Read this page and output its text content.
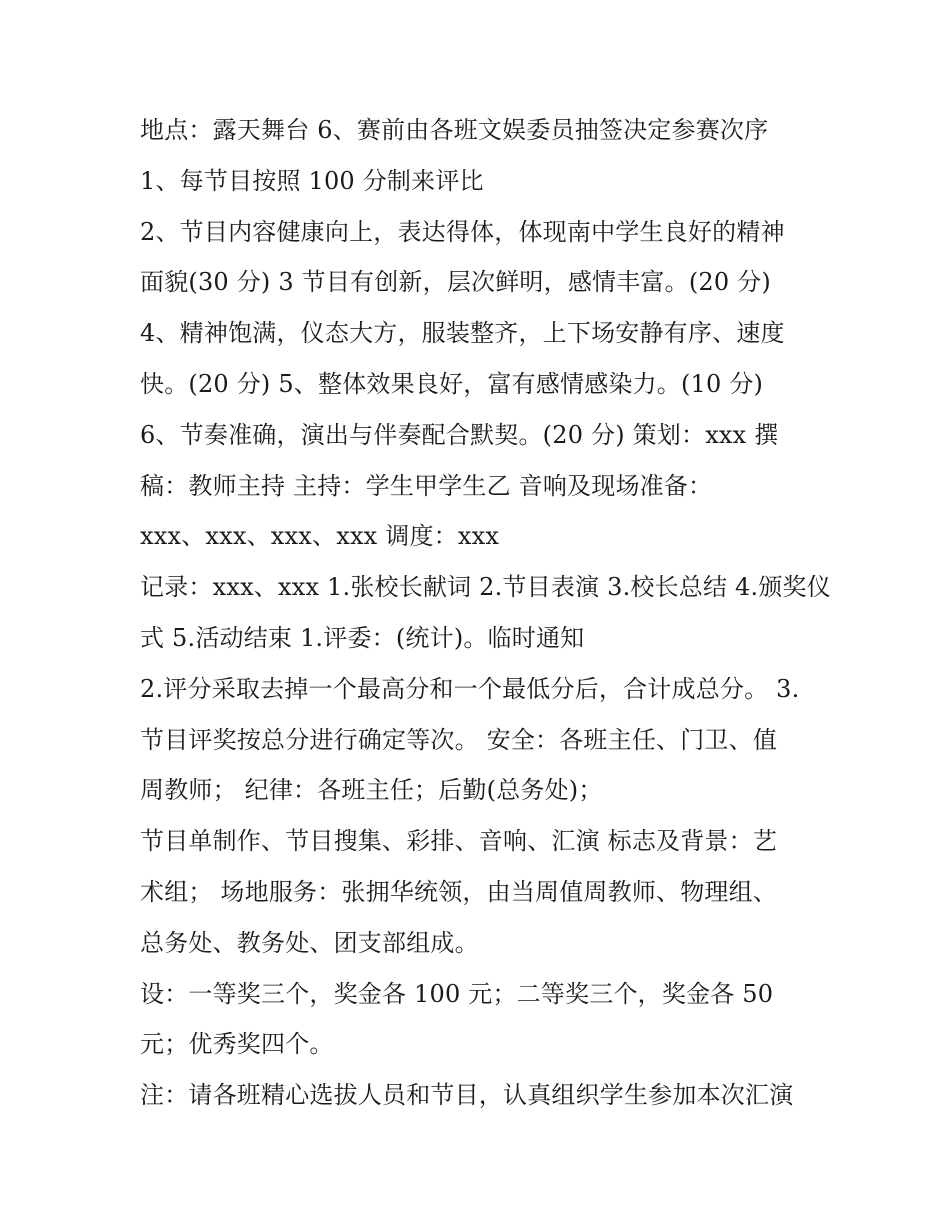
地点：露天舞台 6、赛前由各班文娱委员抽签决定参赛次序
1、每节目按照 100 分制来评比
2、节目内容健康向上，表达得体，体现南中学生良好的精神
面貌(30 分) 3 节目有创新，层次鲜明，感情丰富。(20 分)
4、精神饱满，仪态大方，服装整齐，上下场安静有序、速度
快。(20 分) 5、整体效果良好，富有感情感染力。(10 分)
6、节奏准确，演出与伴奏配合默契。(20 分) 策划：xxx 撰
稿：教师主持 主持：学生甲学生乙 音响及现场准备：
xxx、xxx、xxx、xxx 调度：xxx
记录：xxx、xxx 1.张校长献词 2.节目表演 3.校长总结 4.颁奖仪
式 5.活动结束 1.评委：(统计)。临时通知
2.评分采取去掉一个最高分和一个最低分后，合计成总分。 3.
节目评奖按总分进行确定等次。 安全：各班主任、门卫、值
周教师； 纪律：各班主任；后勤(总务处)；
节目单制作、节目搜集、彩排、音响、汇演 标志及背景：艺
术组； 场地服务：张拥华统领，由当周值周教师、物理组、
总务处、教务处、团支部组成。
设：一等奖三个，奖金各 100 元；二等奖三个，奖金各 50
元；优秀奖四个。
注：请各班精心选拔人员和节目，认真组织学生参加本次汇演
